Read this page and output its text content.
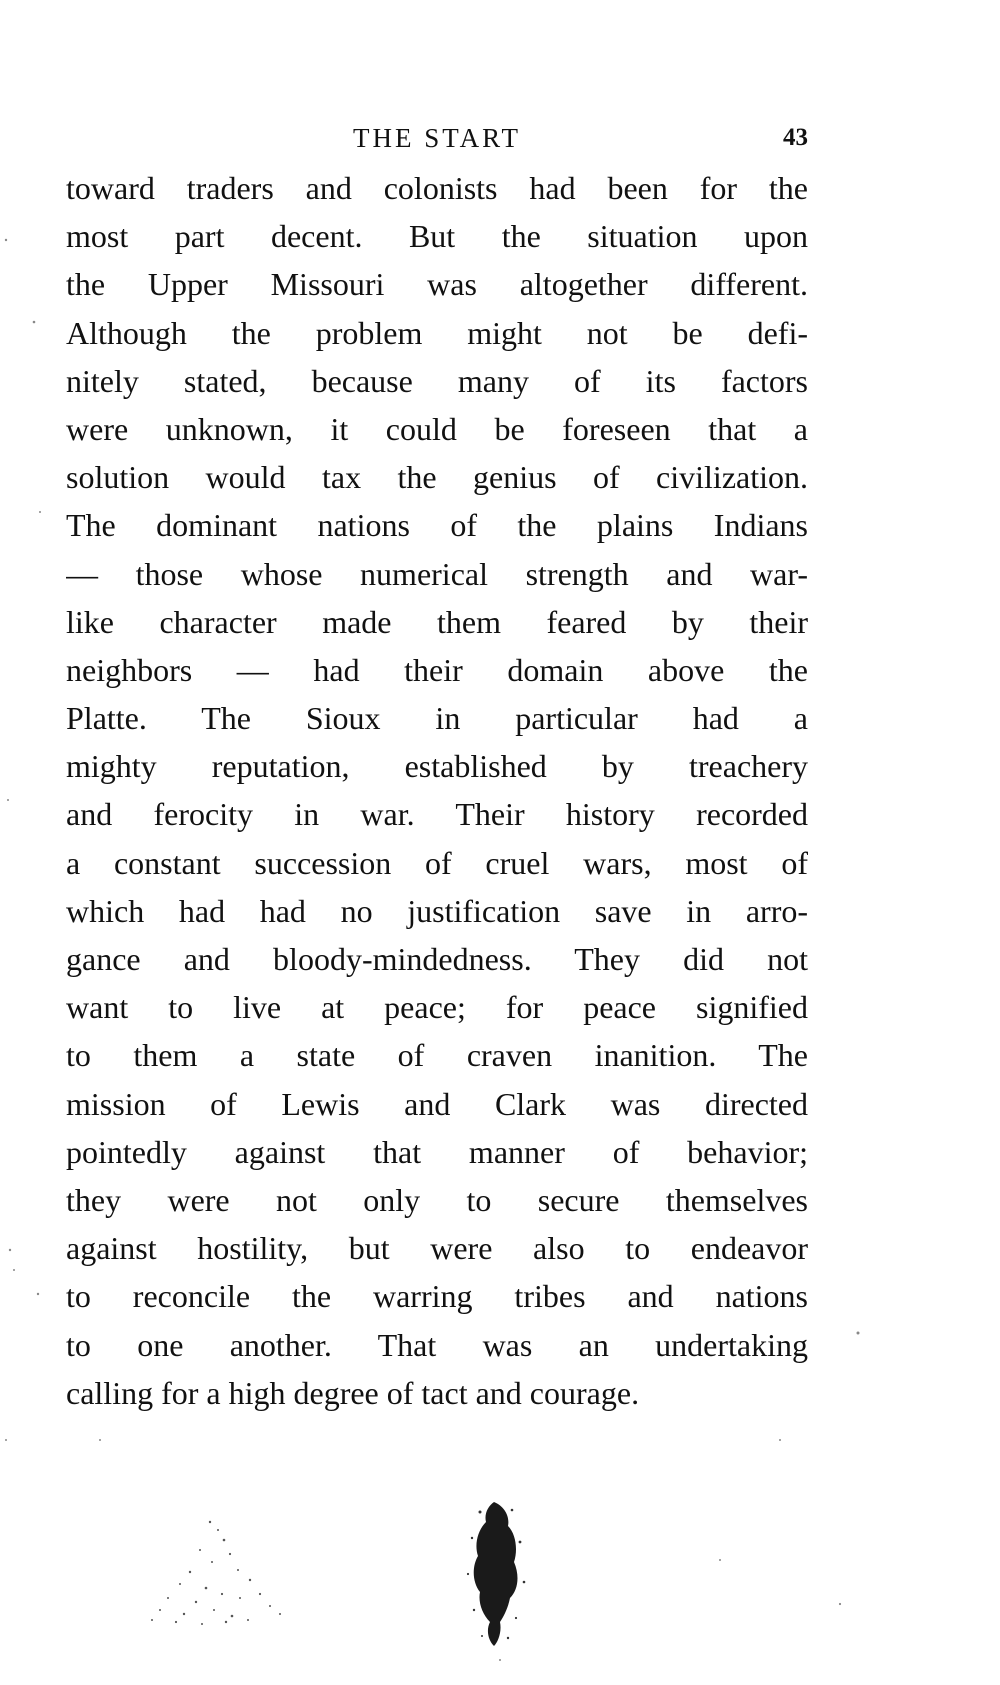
THE START	43
toward traders and colonists had been for the
most part decent. But the situation upon
the Upper Missouri was altogether different.
Although the problem might not be defi-
nitely stated, because many of its factors
were unknown, it could be foreseen that a
solution would tax the genius of civilization.
The dominant nations of the plains Indians
— those whose numerical strength and war-
like character made them feared by their
neighbors — had their domain above the
Platte. The Sioux in particular had a
mighty reputation, established by treachery
and ferocity in war. Their history recorded
a constant succession of cruel wars, most of
which had had no justification save in arro-
gance and bloody-mindedness. They did not
want to live at peace; for peace signified
to them a state of craven inanition. The
mission of Lewis and Clark was directed
pointedly against that manner of behavior;
they were not only to secure themselves
against hostility, but were also to endeavor
to reconcile the warring tribes and nations
to one another. That was an undertaking
calling for a high degree of tact and courage.
